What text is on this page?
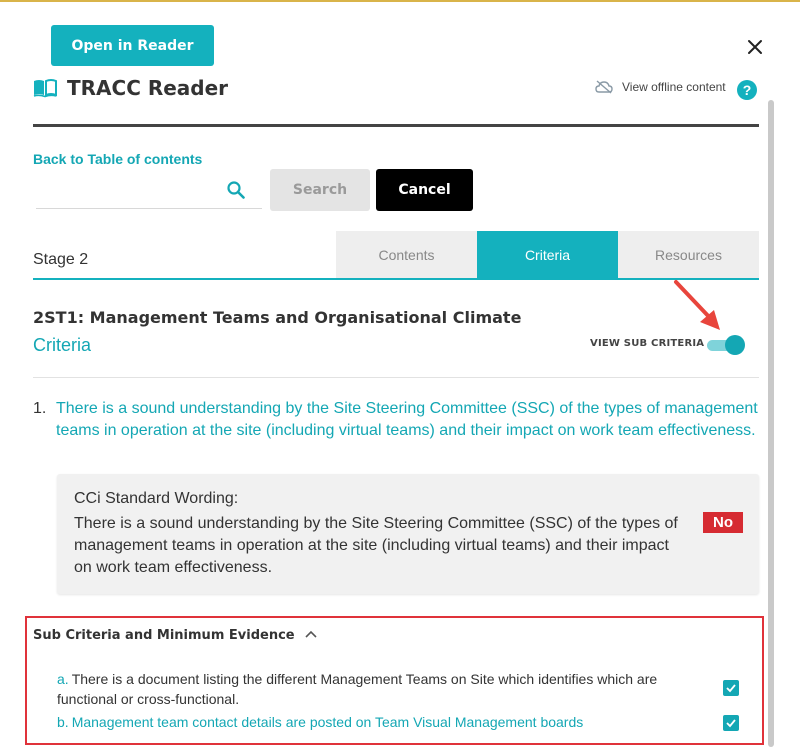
Open in Reader
TRACC Reader	View offline content	?
Back to Table of contents
Search	Cancel
Stage 2	Contents	Criteria	Resources
2ST1: Management Teams and Organisational Climate
Criteria	VIEW SUB CRITERIA
1. There is a sound understanding by the Site Steering Committee (SSC) of the types of management teams in operation at the site (including virtual teams) and their impact on work team effectiveness.

CCi Standard Wording:

There is a sound understanding by the Site Steering Committee (SSC) of the types of management teams in operation at the site (including virtual teams) and their impact on work team effectiveness.

No
Sub Criteria and Minimum Evidence

a. There is a document listing the different Management Teams on Site which identifies which are functional or cross-functional.

b. Management team contact details are posted on Team Visual Management boards
